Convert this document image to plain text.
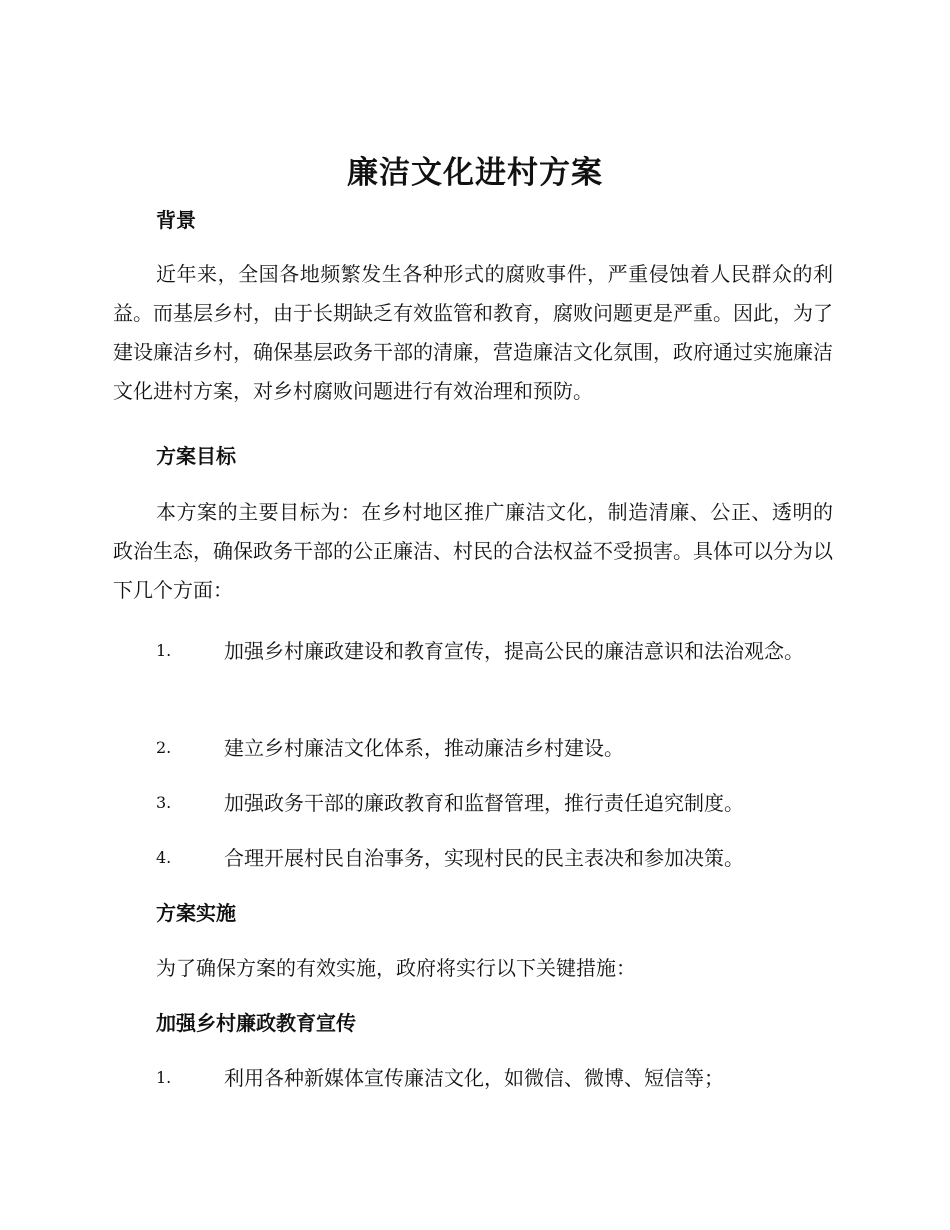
廉洁文化进村方案
背景
近年来，全国各地频繁发生各种形式的腐败事件，严重侵蚀着人民群众的利益。而基层乡村，由于长期缺乏有效监管和教育，腐败问题更是严重。因此，为了建设廉洁乡村，确保基层政务干部的清廉，营造廉洁文化氛围，政府通过实施廉洁文化进村方案，对乡村腐败问题进行有效治理和预防。
方案目标
本方案的主要目标为：在乡村地区推广廉洁文化，制造清廉、公正、透明的政治生态，确保政务干部的公正廉洁、村民的合法权益不受损害。具体可以分为以下几个方面：
1.	加强乡村廉政建设和教育宣传，提高公民的廉洁意识和法治观念。
2.	建立乡村廉洁文化体系，推动廉洁乡村建设。
3.	加强政务干部的廉政教育和监督管理，推行责任追究制度。
4.	合理开展村民自治事务，实现村民的民主表决和参加决策。
方案实施
为了确保方案的有效实施，政府将实行以下关键措施：
加强乡村廉政教育宣传
1.	利用各种新媒体宣传廉洁文化，如微信、微博、短信等；
